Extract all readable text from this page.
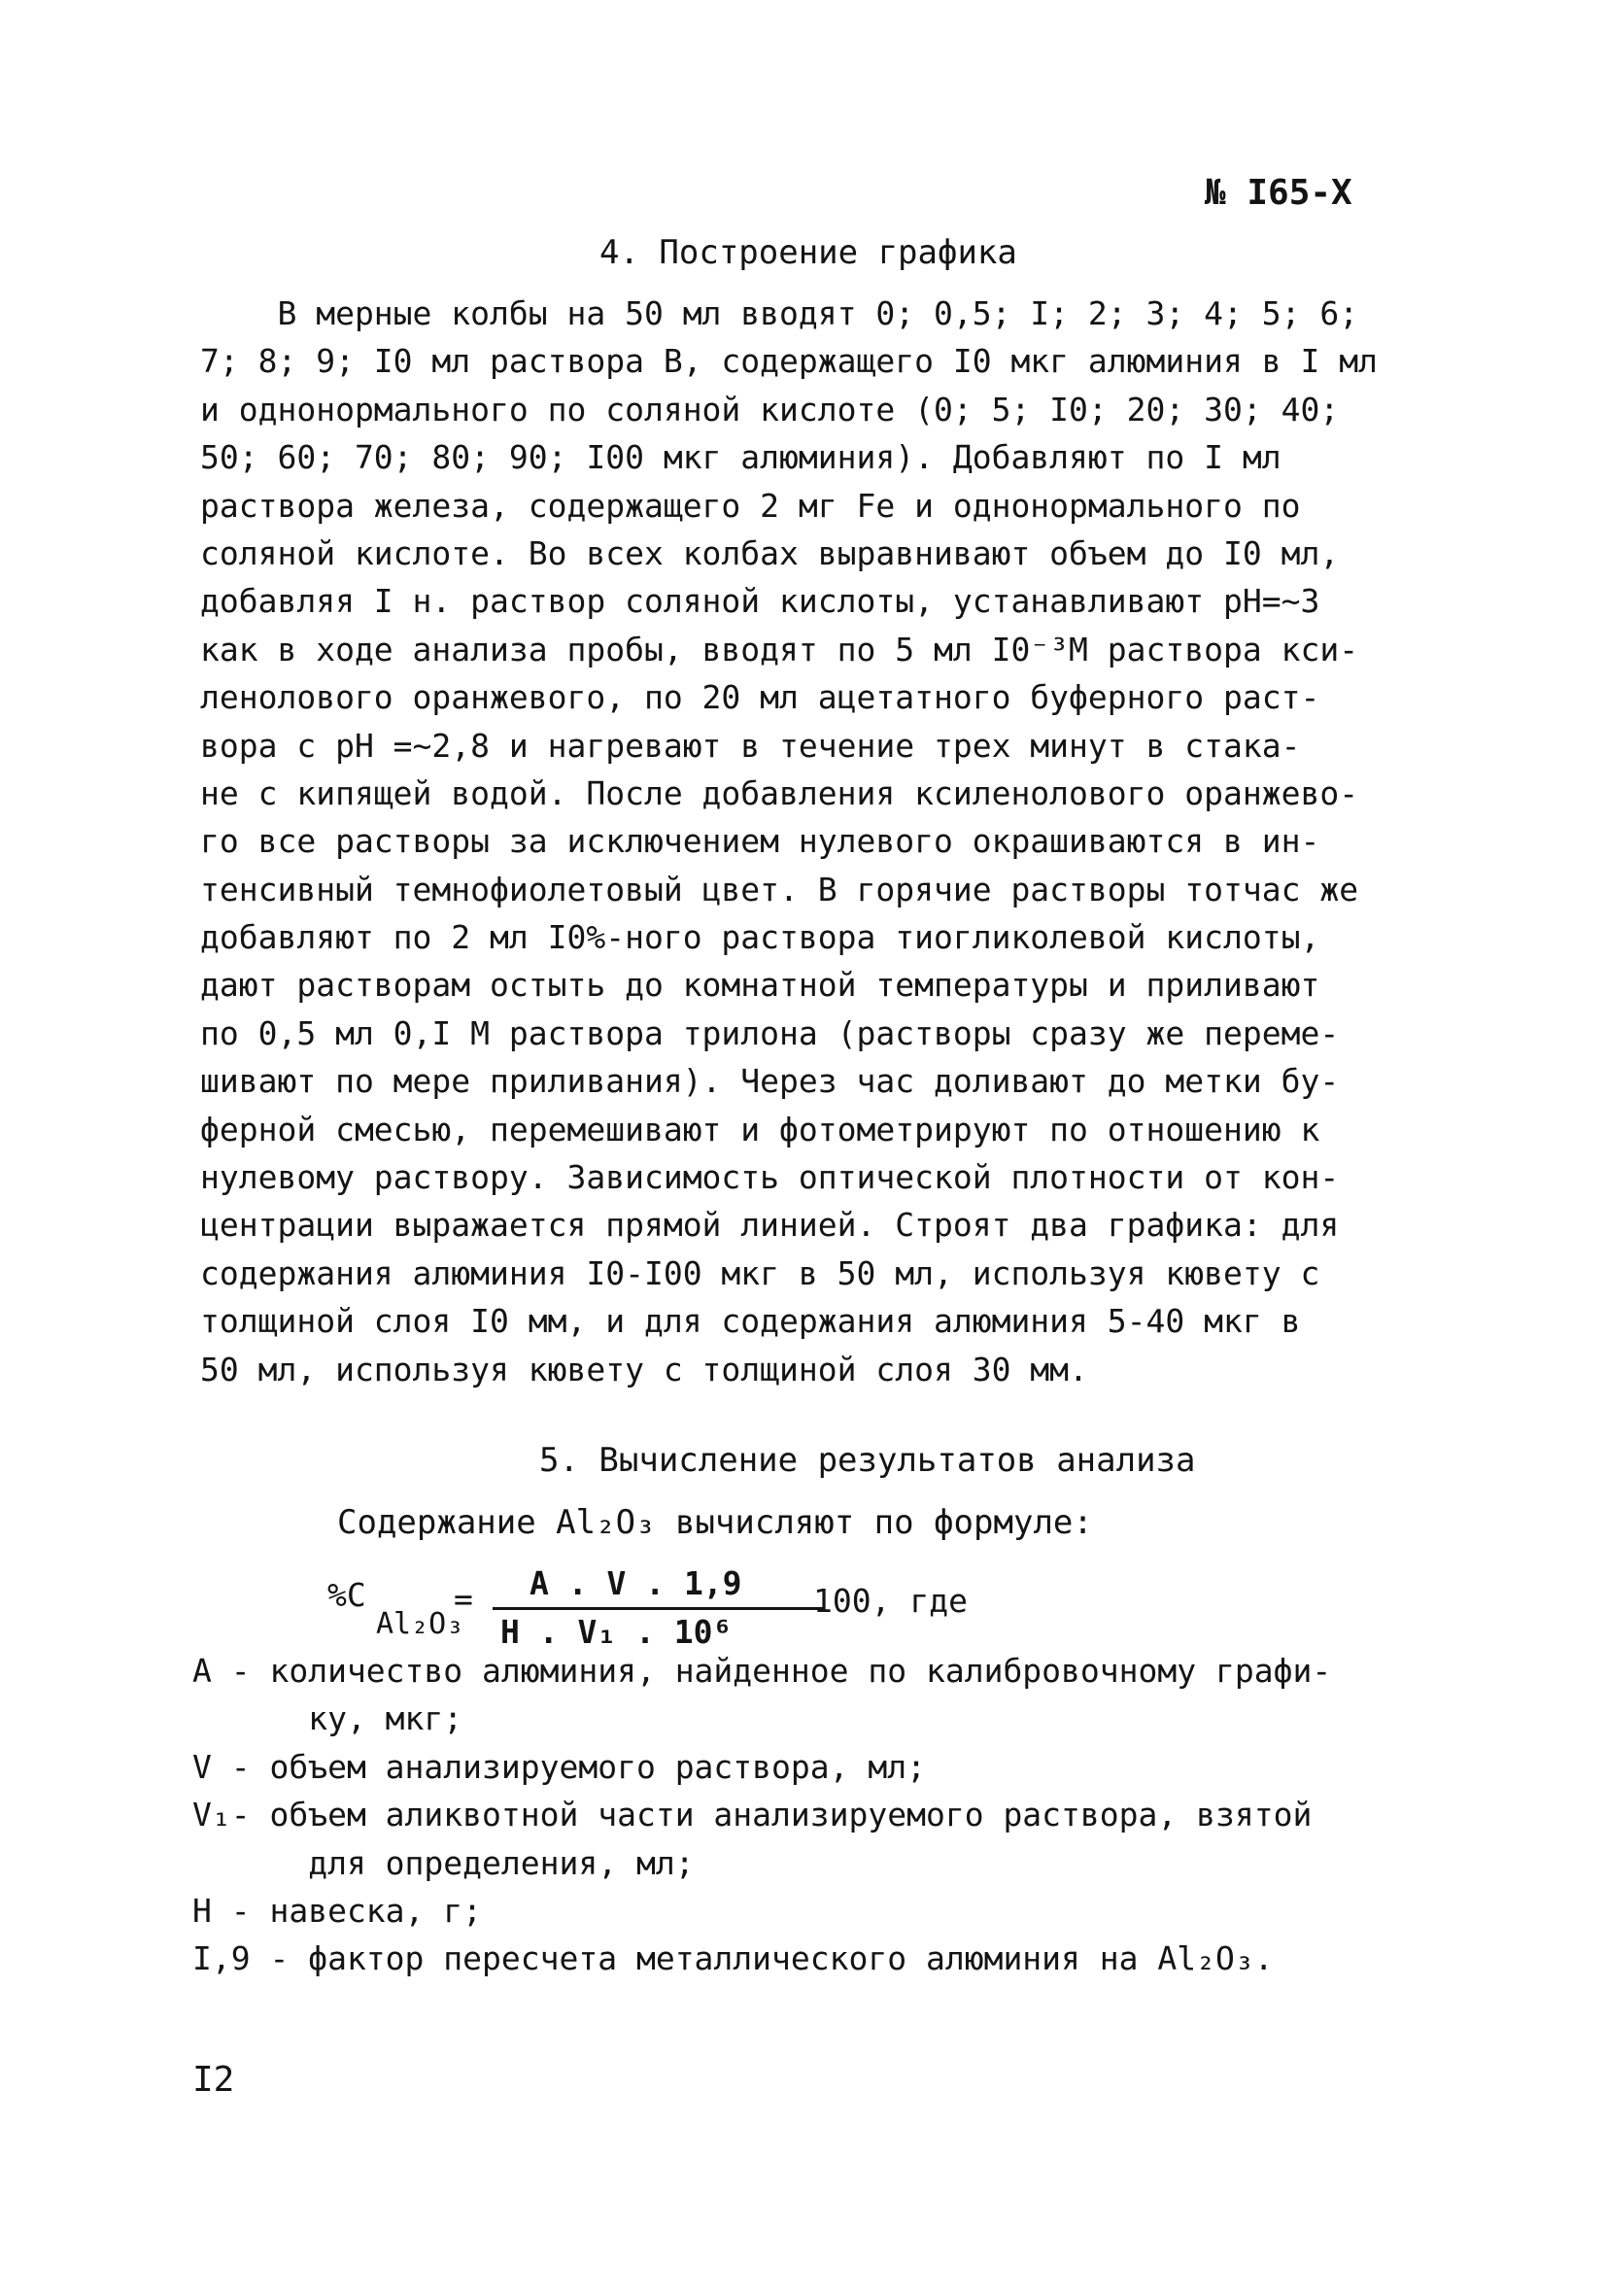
№ I65-X
4. Построение графика
В мерные колбы на 50 мл вводят 0; 0,5; I; 2; 3; 4; 5; 6;
7; 8; 9; I0 мл раствора В, содержащего I0 мкг алюминия в I мл
и однонормального по соляной кислоте (0; 5; I0; 20; 30; 40;
50; 60; 70; 80; 90; I00 мкг алюминия). Добавляют по I мл
раствора железа, содержащего 2 мг Fe и однонормального по
соляной кислоте. Во всех колбах выравнивают объем до I0 мл,
добавляя I н. раствор соляной кислоты, устанавливают pH=~3
как в ходе анализа пробы, вводят по 5 мл I0⁻³М раствора кси-
ленолового оранжевого, по 20 мл ацетатного буферного раст-
вора с pH =~2,8 и нагревают в течение трех минут в стака-
не с кипящей водой. После добавления ксиленолового оранжево-
го все растворы за исключением нулевого окрашиваются в ин-
тенсивный темнофиолетовый цвет. В горячие растворы тотчас же
добавляют по 2 мл I0%-ного раствора тиогликолевой кислоты,
дают растворам остыть до комнатной температуры и приливают
по 0,5 мл 0,I М раствора трилона (растворы сразу же переме-
шивают по мере приливания). Через час доливают до метки бу-
ферной смесью, перемешивают и фотометрируют по отношению к
нулевому раствору. Зависимость оптической плотности от кон-
центрации выражается прямой линией. Строят два графика: для
содержания алюминия I0-I00 мкг в 50 мл, используя кювету с
толщиной слоя I0 мм, и для содержания алюминия 5-40 мкг в
50 мл, используя кювету с толщиной слоя 30 мм.
5. Вычисление результатов анализа
Содержание Al₂O₃ вычисляют по формуле:
%C
Al₂O₃
= A . V . 1,9
Н . V₁ . 10⁶
100, где
А - количество алюминия, найденное по калибровочному графи-
ку, мкг;
V - объем анализируемого раствора, мл;
V₁- объем аликвотной части анализируемого раствора, взятой
для определения, мл;
Н - навеска, г;
I,9 - фактор пересчета металлического алюминия на Al₂O₃.
I2
